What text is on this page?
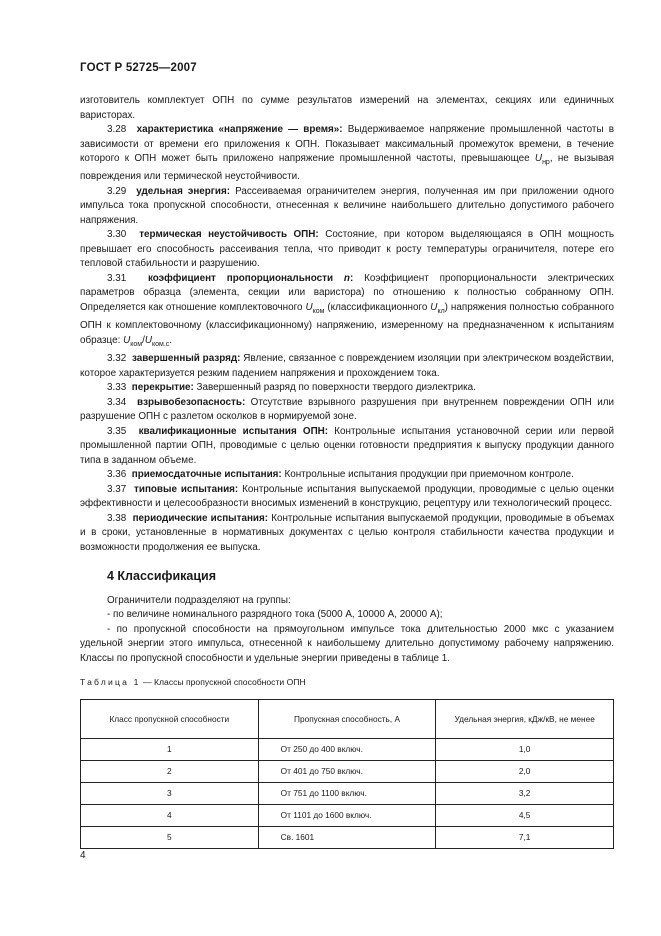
ГОСТ Р 52725—2007

изготовитель комплектует ОПН по сумме результатов измерений на элементах, секциях или единичных варисторах.

3.28 характеристика «напряжение — время»: Выдерживаемое напряжение промышленной частоты в зависимости от времени его приложения к ОПН. Показывает максимальный промежуток времени, в течение которого к ОПН может быть приложено напряжение промышленной частоты, превышающее $U_{нр}$, не вызывая повреждения или термической неустойчивости.

3.29 удельная энергия: Рассеиваемая ограничителем энергия, полученная им при приложении одного импульса тока пропускной способности, отнесенная к величине наибольшего длительно допустимого рабочего напряжения.

3.30 термическая неустойчивость ОПН: Состояние, при котором выделяющаяся в ОПН мощность превышает его способность рассеивания тепла, что приводит к росту температуры ограничителя, потере его тепловой стабильности и разрушению.

3.31 коэффициент пропорциональности n: Коэффициент пропорциональности электрических параметров образца (элемента, секции или варистора) по отношению к полностью собранному ОПН. Определяется как отношение комплектовочного $U_{ком}$ (классификационного $U_{кл}$) напряжения полностью собранного ОПН к комплектовочному (классификационному) напряжению, измеренному на предназначенном к испытаниям образце: $U_{ком}/U_{ком.с}$.

3.32 завершенный разряд: Явление, связанное с повреждением изоляции при электрическом воздействии, которое характеризуется резким падением напряжения и прохождением тока.

3.33 перекрытие: Завершенный разряд по поверхности твердого диэлектрика.

3.34 взрывобезопасность: Отсутствие взрывного разрушения при внутреннем повреждении ОПН или разрушение ОПН с разлетом осколков в нормируемой зоне.

3.35 квалификационные испытания ОПН: Контрольные испытания установочной серии или первой промышленной партии ОПН, проводимые с целью оценки готовности предприятия к выпуску продукции данного типа в заданном объеме.

3.36 приемосдаточные испытания: Контрольные испытания продукции при приемочном контроле.

3.37 типовые испытания: Контрольные испытания выпускаемой продукции, проводимые с целью оценки эффективности и целесообразности вносимых изменений в конструкцию, рецептуру или технологический процесс.

3.38 периодические испытания: Контрольные испытания выпускаемой продукции, проводимые в объемах и в сроки, установленные в нормативных документах с целью контроля стабильности качества продукции и возможности продолжения ее выпуска.

4 Классификация

Ограничители подразделяют на группы:

- по величине номинального разрядного тока (5000 А, 10000 А, 20000 А);

- по пропускной способности на прямоугольном импульсе тока длительностью 2000 мкс с указанием удельной энергии этого импульса, отнесенной к наибольшему длительно допустимому рабочему напряжению. Классы по пропускной способности и удельные энергии приведены в таблице 1.

Таблица 1 — Классы пропускной способности ОПН
Класс пропускной способности	Пропускная способность, А	Удельная энергия, кДж/кВ, не менее
1	От 250 до 400 включ.	1,0
2	От 401 до 750 включ.	2,0
3	От 751 до 1100 включ.	3,2
4	От 1101 до 1600 включ.	4,5
5	Св. 1601	7,1
4
